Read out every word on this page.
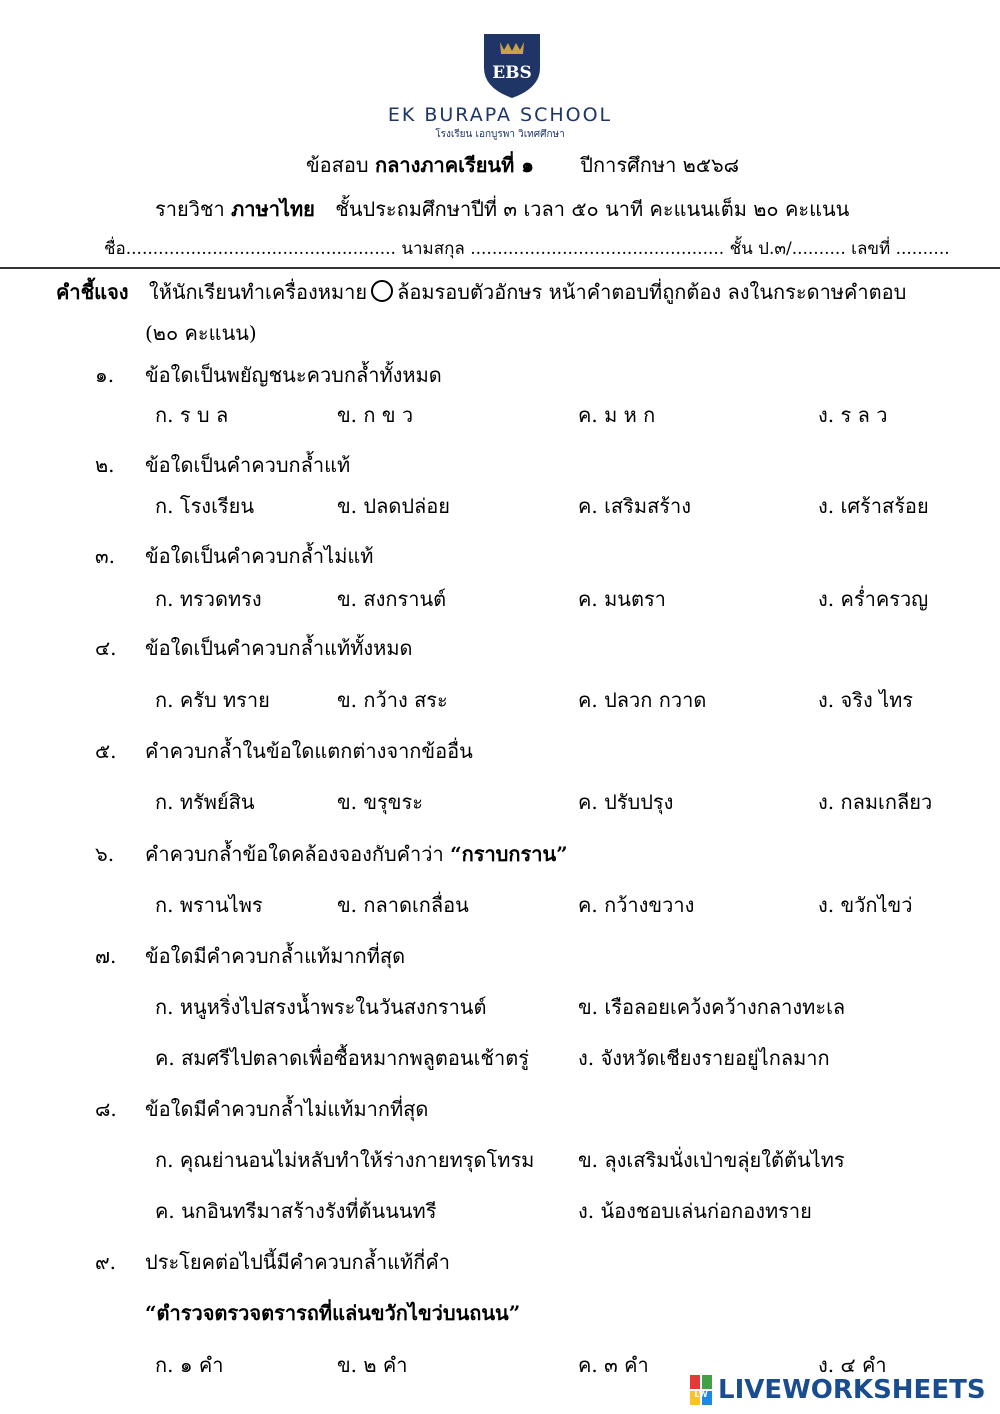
EBS
EK BURAPA SCHOOL
โรงเรียน เอกบูรพา วิเทศศึกษา
ข้อสอบ กลางภาคเรียนที่ ๑ ปีการศึกษา ๒๕๖๘
รายวิชา ภาษาไทย ชั้นประถมศึกษาปีที่ ๓ เวลา ๕๐ นาที คะแนนเต็ม ๒๐ คะแนน
ชื่อ.................................................. นามสกุล ............................................... ชั้น ป.๓/.......... เลขที่ ..........
คำชี้แจง ให้นักเรียนทำเครื่องหมาย ○ ล้อมรอบตัวอักษร หน้าคำตอบที่ถูกต้อง ลงในกระดาษคำตอบ
(๒๐ คะแนน)
๑. ข้อใดเป็นพยัญชนะควบกล้ำทั้งหมด
ก. ร บ ล	ข. ก ข ว	ค. ม ห ก	ง. ร ล ว
๒. ข้อใดเป็นคำควบกล้ำแท้
ก. โรงเรียน	ข. ปลดปล่อย	ค. เสริมสร้าง	ง. เศร้าสร้อย
๓. ข้อใดเป็นคำควบกล้ำไม่แท้
ก. ทรวดทรง	ข. สงกรานต์	ค. มนตรา	ง. คร่ำครวญ
๔. ข้อใดเป็นคำควบกล้ำแท้ทั้งหมด
ก. ครับ ทราย	ข. กว้าง สระ	ค. ปลวก กวาด	ง. จริง ไทร
๕. คำควบกล้ำในข้อใดแตกต่างจากข้ออื่น
ก. ทรัพย์สิน	ข. ขรุขระ	ค. ปรับปรุง	ง. กลมเกลียว
๖. คำควบกล้ำข้อใดคล้องจองกับคำว่า “กราบกราน”
ก. พรานไพร	ข. กลาดเกลื่อน	ค. กว้างขวาง	ง. ขวักไขว่
๗. ข้อใดมีคำควบกล้ำแท้มากที่สุด
ก. หนูหริ่งไปสรงน้ำพระในวันสงกรานต์	ข. เรือลอยเคว้งคว้างกลางทะเล
ค. สมศรีไปตลาดเพื่อซื้อหมากพลูตอนเช้าตรู่ ง. จังหวัดเชียงรายอยู่ไกลมาก
๘. ข้อใดมีคำควบกล้ำไม่แท้มากที่สุด
ก. คุณย่านอนไม่หลับทำให้ร่างกายทรุดโทรม ข. ลุงเสริมนั่งเป่าขลุ่ยใต้ต้นไทร
ค. นกอินทรีมาสร้างรังที่ต้นนนทรี	ง. น้องชอบเล่นก่อกองทราย
๙. ประโยคต่อไปนี้มีคำควบกล้ำแท้กี่คำ
“ตำรวจตรวจตรารถที่แล่นขวักไขว่บนถนน”
ก. ๑ คำ	ข. ๒ คำ	ค. ๓ คำ	ง. ๔ คำ
LW LIVEWORKSHEETS
